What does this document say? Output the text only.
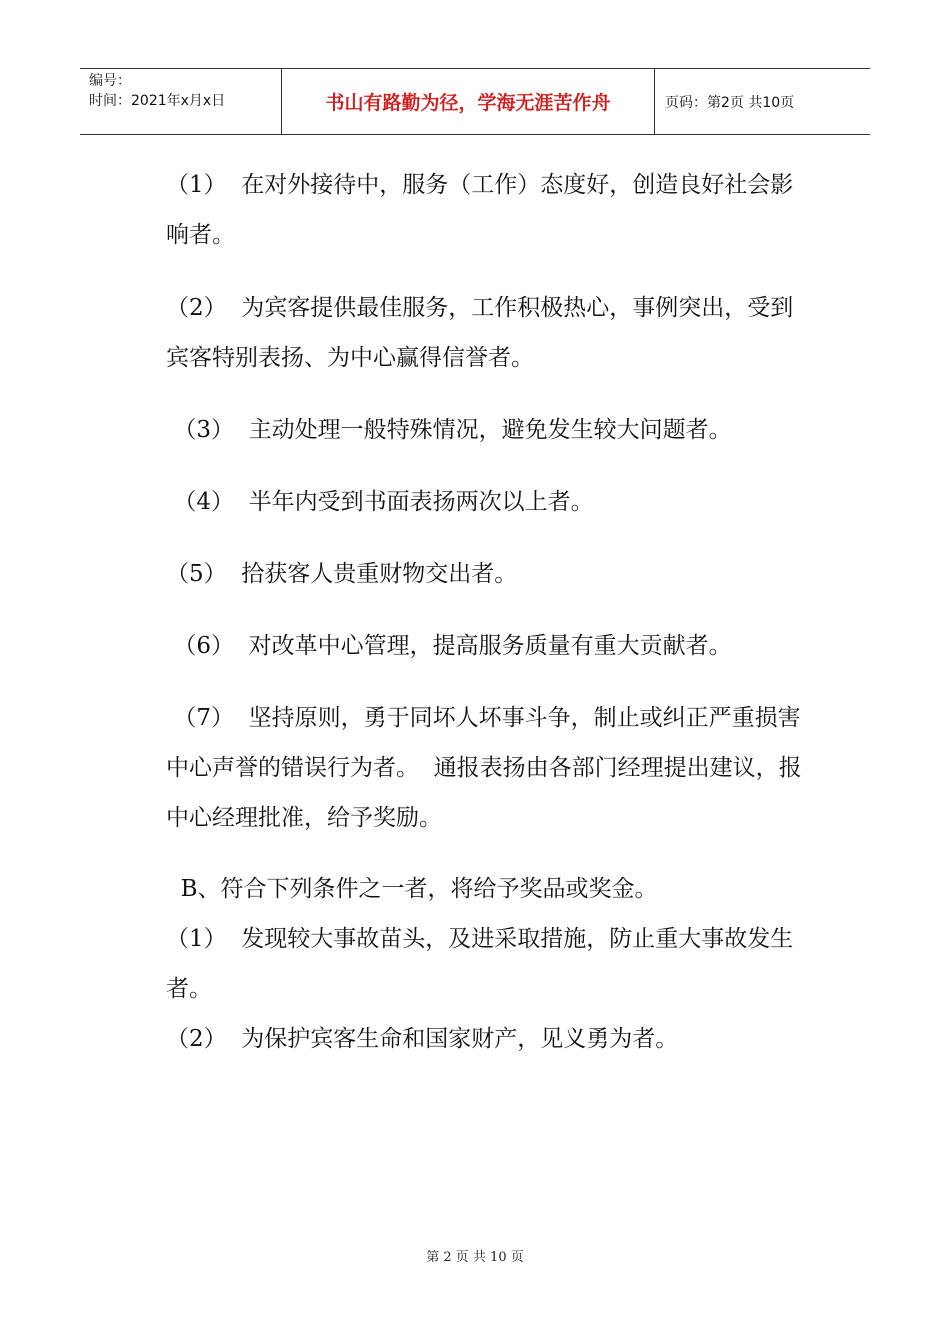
编号：
时间：2021年x月x日	书山有路勤为径，学海无涯苦作舟	页码：第2页 共10页

（1）  在对外接待中，服务（工作）态度好，创造良好社会影响者。

（2）  为宾客提供最佳服务，工作积极热心，事例突出，受到宾客特别表扬、为中心赢得信誉者。

（3）  主动处理一般特殊情况，避免发生较大问题者。

（4）  半年内受到书面表扬两次以上者。

（5）  拾获客人贵重财物交出者。

（6）  对改革中心管理，提高服务质量有重大贡献者。

（7）  坚持原则，勇于同坏人坏事斗争，制止或纠正严重损害中心声誉的错误行为者。  通报表扬由各部门经理提出建议，报中心经理批准，给予奖励。

B、符合下列条件之一者，将给予奖品或奖金。

（1）  发现较大事故苗头，及进采取措施，防止重大事故发生者。

（2）  为保护宾客生命和国家财产，见义勇为者。

第 2 页 共 10 页
